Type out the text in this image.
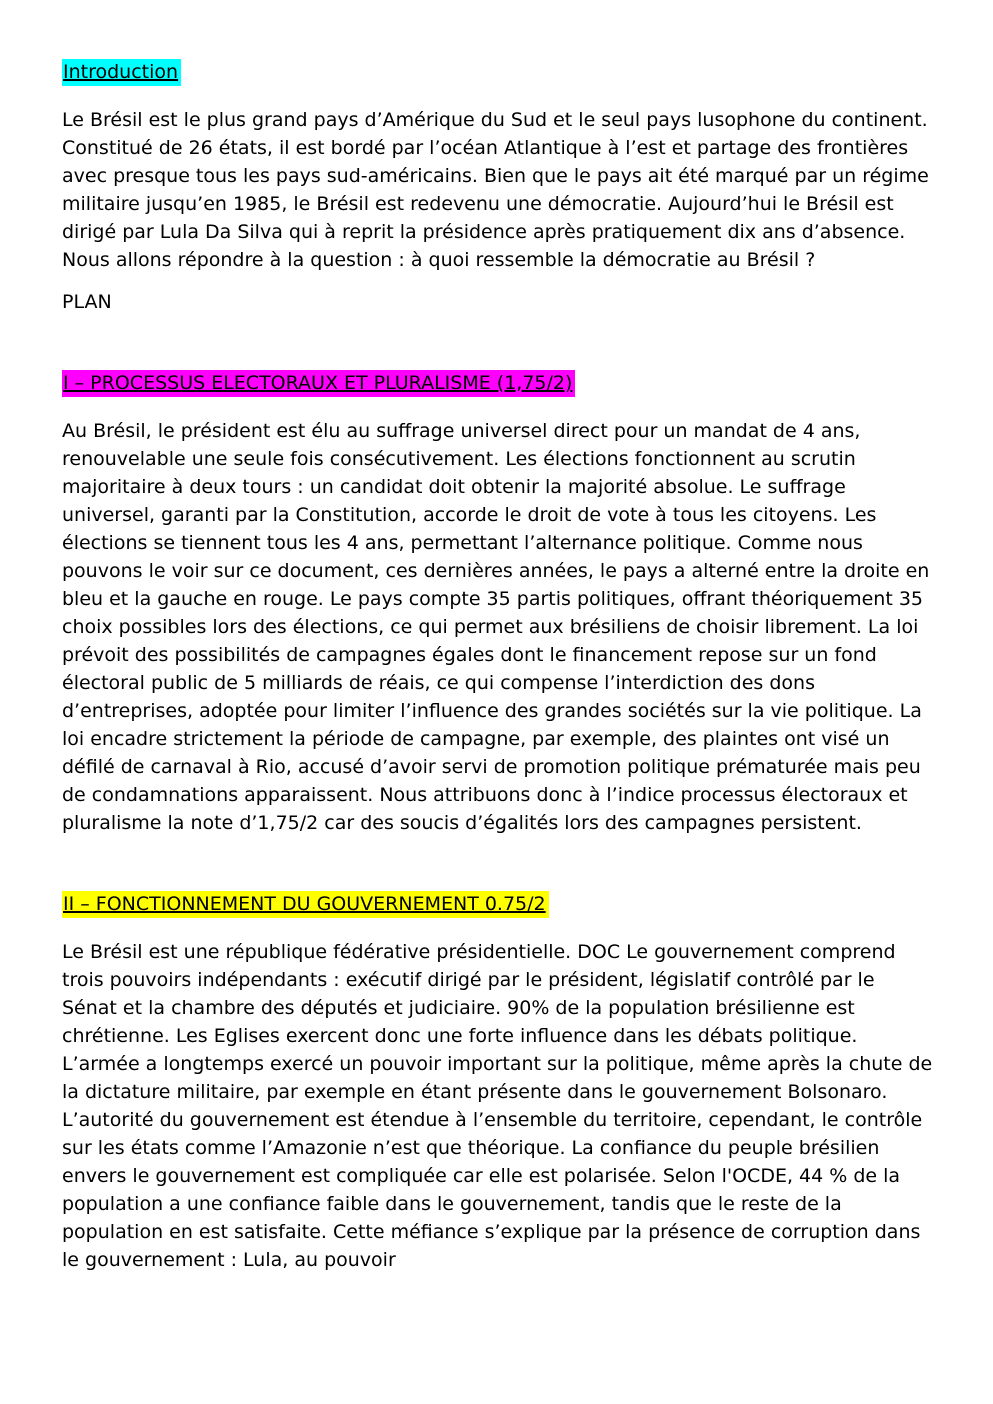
Introduction

Le Brésil est le plus grand pays d’Amérique du Sud et le seul pays lusophone du continent. Constitué de 26 états, il est bordé par l’océan Atlantique à l’est et partage des frontières avec presque tous les pays sud-américains. Bien que le pays ait été marqué par un régime militaire jusqu’en 1985, le Brésil est redevenu une démocratie. Aujourd’hui le Brésil est dirigé par Lula Da Silva qui à reprit la présidence après pratiquement dix ans d’absence. Nous allons répondre à la question : à quoi ressemble la démocratie au Brésil ?

PLAN

I – PROCESSUS ELECTORAUX ET PLURALISME (1,75/2)

Au Brésil, le président est élu au suffrage universel direct pour un mandat de 4 ans, renouvelable une seule fois consécutivement. Les élections fonctionnent au scrutin majoritaire à deux tours : un candidat doit obtenir la majorité absolue. Le suffrage universel, garanti par la Constitution, accorde le droit de vote à tous les citoyens. Les élections se tiennent tous les 4 ans, permettant l’alternance politique. Comme nous pouvons le voir sur ce document, ces dernières années, le pays a alterné entre la droite en bleu et la gauche en rouge. Le pays compte 35 partis politiques, offrant théoriquement 35 choix possibles lors des élections, ce qui permet aux brésiliens de choisir librement. La loi prévoit des possibilités de campagnes égales dont le financement repose sur un fond électoral public de 5 milliards de réais, ce qui compense l’interdiction des dons d’entreprises, adoptée pour limiter l’influence des grandes sociétés sur la vie politique. La loi encadre strictement la période de campagne, par exemple, des plaintes ont visé un défilé de carnaval à Rio, accusé d’avoir servi de promotion politique prématurée mais peu de condamnations apparaissent. Nous attribuons donc à l’indice processus électoraux et pluralisme la note d’1,75/2 car des soucis d’égalités lors des campagnes persistent.

II – FONCTIONNEMENT DU GOUVERNEMENT 0.75/2

Le Brésil est une république fédérative présidentielle. DOC Le gouvernement comprend trois pouvoirs indépendants : exécutif dirigé par le président, législatif contrôlé par le Sénat et la chambre des députés et judiciaire. 90% de la population brésilienne est chrétienne. Les Eglises exercent donc une forte influence dans les débats politique. L’armée a longtemps exercé un pouvoir important sur la politique, même après la chute de la dictature militaire, par exemple en étant présente dans le gouvernement Bolsonaro. L’autorité du gouvernement est étendue à l’ensemble du territoire, cependant, le contrôle sur les états comme l’Amazonie n’est que théorique. La confiance du peuple brésilien envers le gouvernement est compliquée car elle est polarisée. Selon l'OCDE, 44 % de la population a une confiance faible dans le gouvernement, tandis que le reste de la population en est satisfaite. Cette méfiance s’explique par la présence de corruption dans le gouvernement : Lula, au pouvoir
